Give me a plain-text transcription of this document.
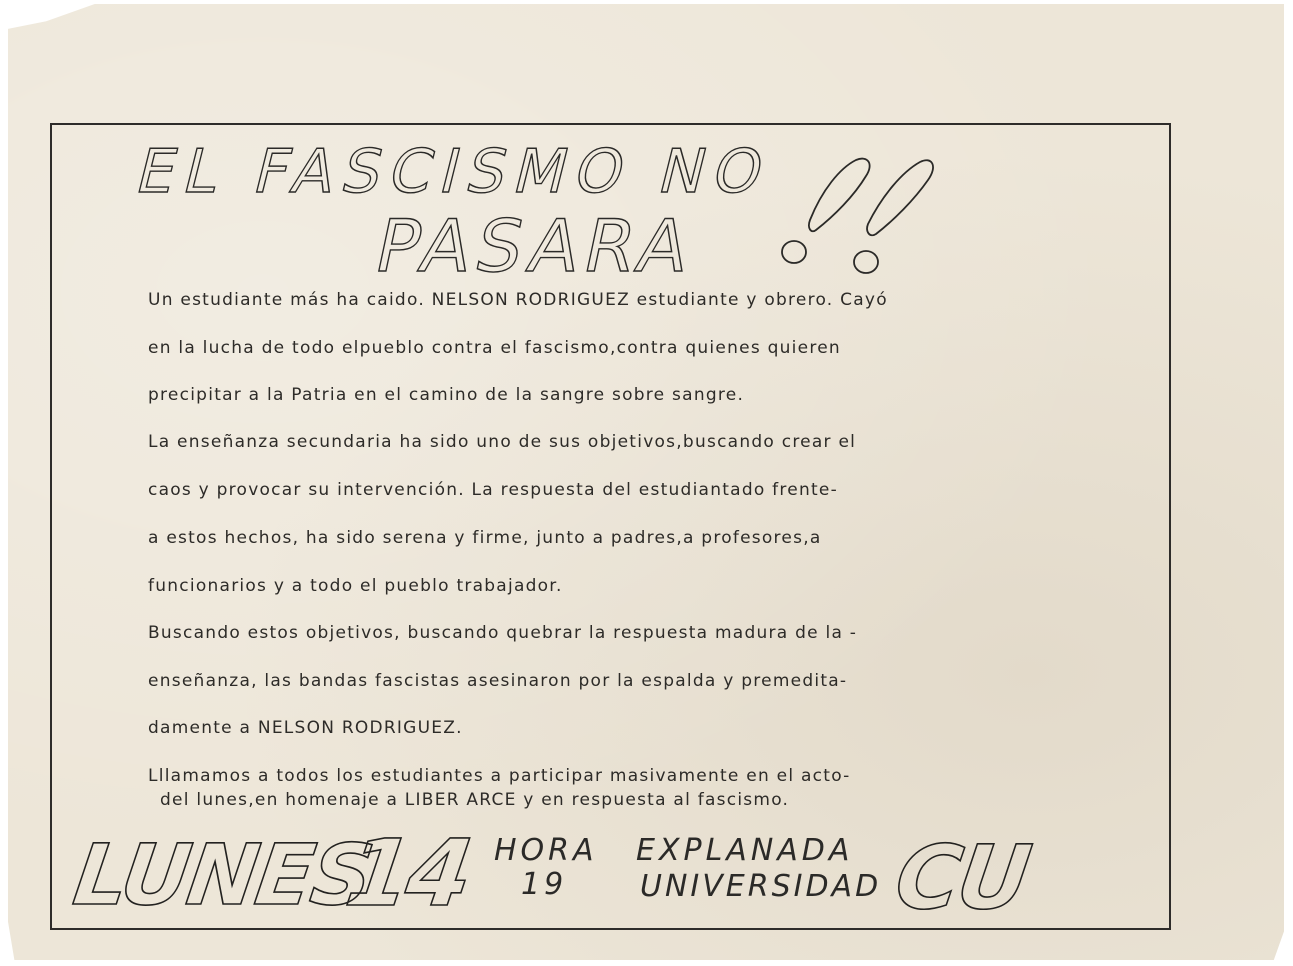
EL FASCISMO NO
PASARA
Un estudiante más ha caido. NELSON RODRIGUEZ estudiante y obrero. Cayó
en la lucha de todo elpueblo contra el fascismo,contra quienes quieren
precipitar a la Patria en el camino de la sangre sobre sangre.
La enseñanza secundaria ha sido uno de sus objetivos,buscando crear el
caos y provocar su intervención. La respuesta del estudiantado frente-
a estos hechos, ha sido serena y firme, junto a padres,a profesores,a
funcionarios y a todo el pueblo trabajador.
Buscando estos objetivos, buscando quebrar la respuesta madura de la -
enseñanza, las bandas fascistas asesinaron por la espalda y premedita-
damente a NELSON RODRIGUEZ.
Lllamamos a todos los estudiantes a participar masivamente en el acto-
del lunes,en homenaje a LIBER ARCE y en respuesta al fascismo.
LUNES
14 HORA
19
EXPLANADA
UNIVERSIDAD CU
